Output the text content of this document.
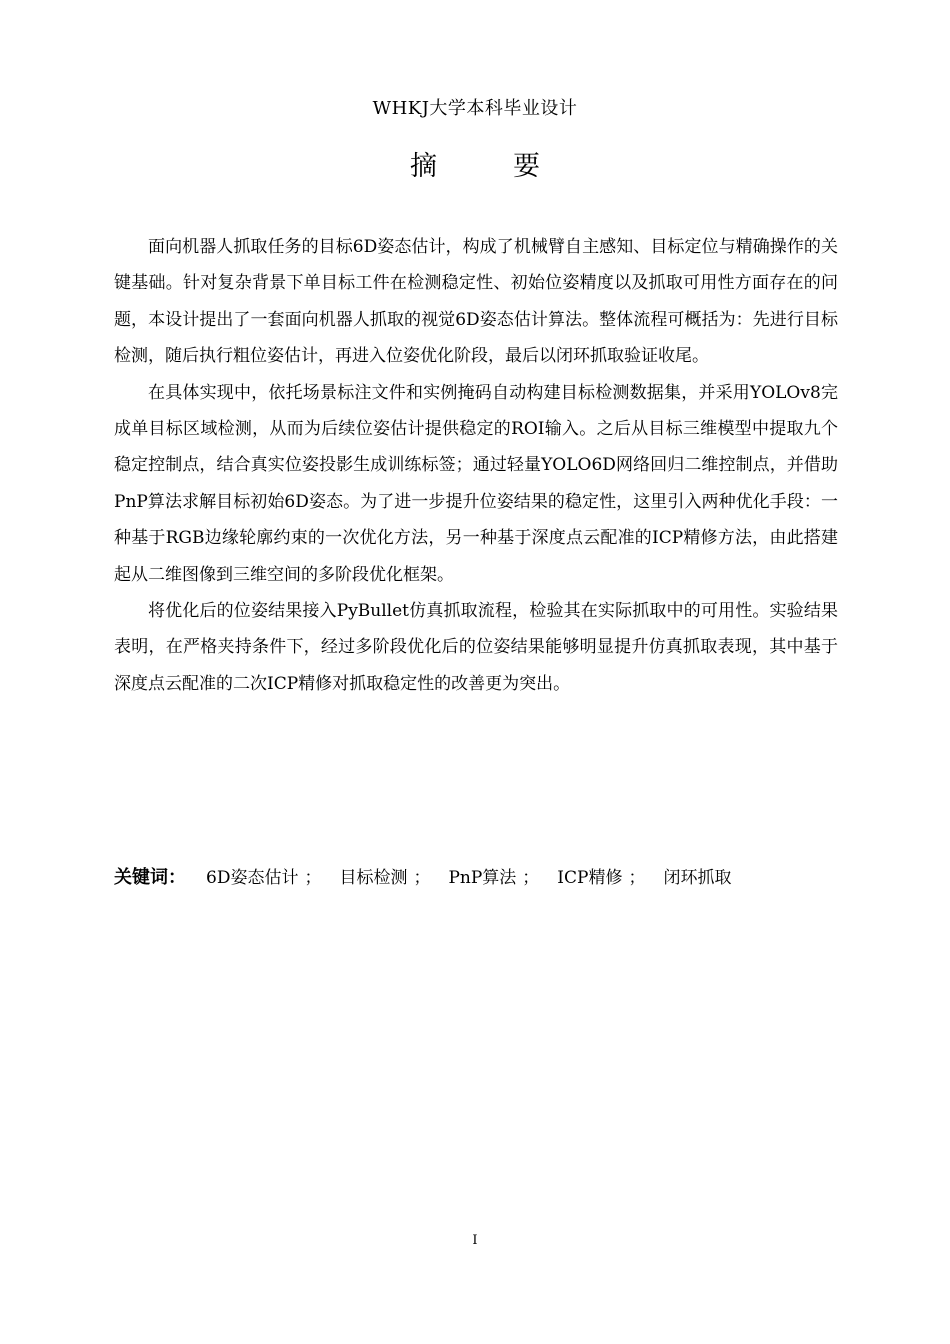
WHKJ大学本科毕业设计
摘	要

面向机器人抓取任务的目标6D姿态估计，构成了机械臂自主感知、目标定位与精确操作的关键基础。针对复杂背景下单目标工件在检测稳定性、初始位姿精度以及抓取可用性方面存在的问题，本设计提出了一套面向机器人抓取的视觉6D姿态估计算法。整体流程可概括为：先进行目标检测，随后执行粗位姿估计，再进入位姿优化阶段，最后以闭环抓取验证收尾。

在具体实现中，依托场景标注文件和实例掩码自动构建目标检测数据集，并采用YOLOv8完成单目标区域检测，从而为后续位姿估计提供稳定的ROI输入。之后从目标三维模型中提取九个稳定控制点，结合真实位姿投影生成训练标签；通过轻量YOLO6D网络回归二维控制点，并借助PnP算法求解目标初始6D姿态。为了进一步提升位姿结果的稳定性，这里引入两种优化手段：一种基于RGB边缘轮廓约束的一次优化方法，另一种基于深度点云配准的ICP精修方法，由此搭建起从二维图像到三维空间的多阶段优化框架。

将优化后的位姿结果接入PyBullet仿真抓取流程，检验其在实际抓取中的可用性。实验结果表明，在严格夹持条件下，经过多阶段优化后的位姿结果能够明显提升仿真抓取表现，其中基于深度点云配准的二次ICP精修对抓取稳定性的改善更为突出。

关键词： 6D姿态估计 ； 目标检测 ； PnP算法 ； ICP精修 ； 闭环抓取
I
